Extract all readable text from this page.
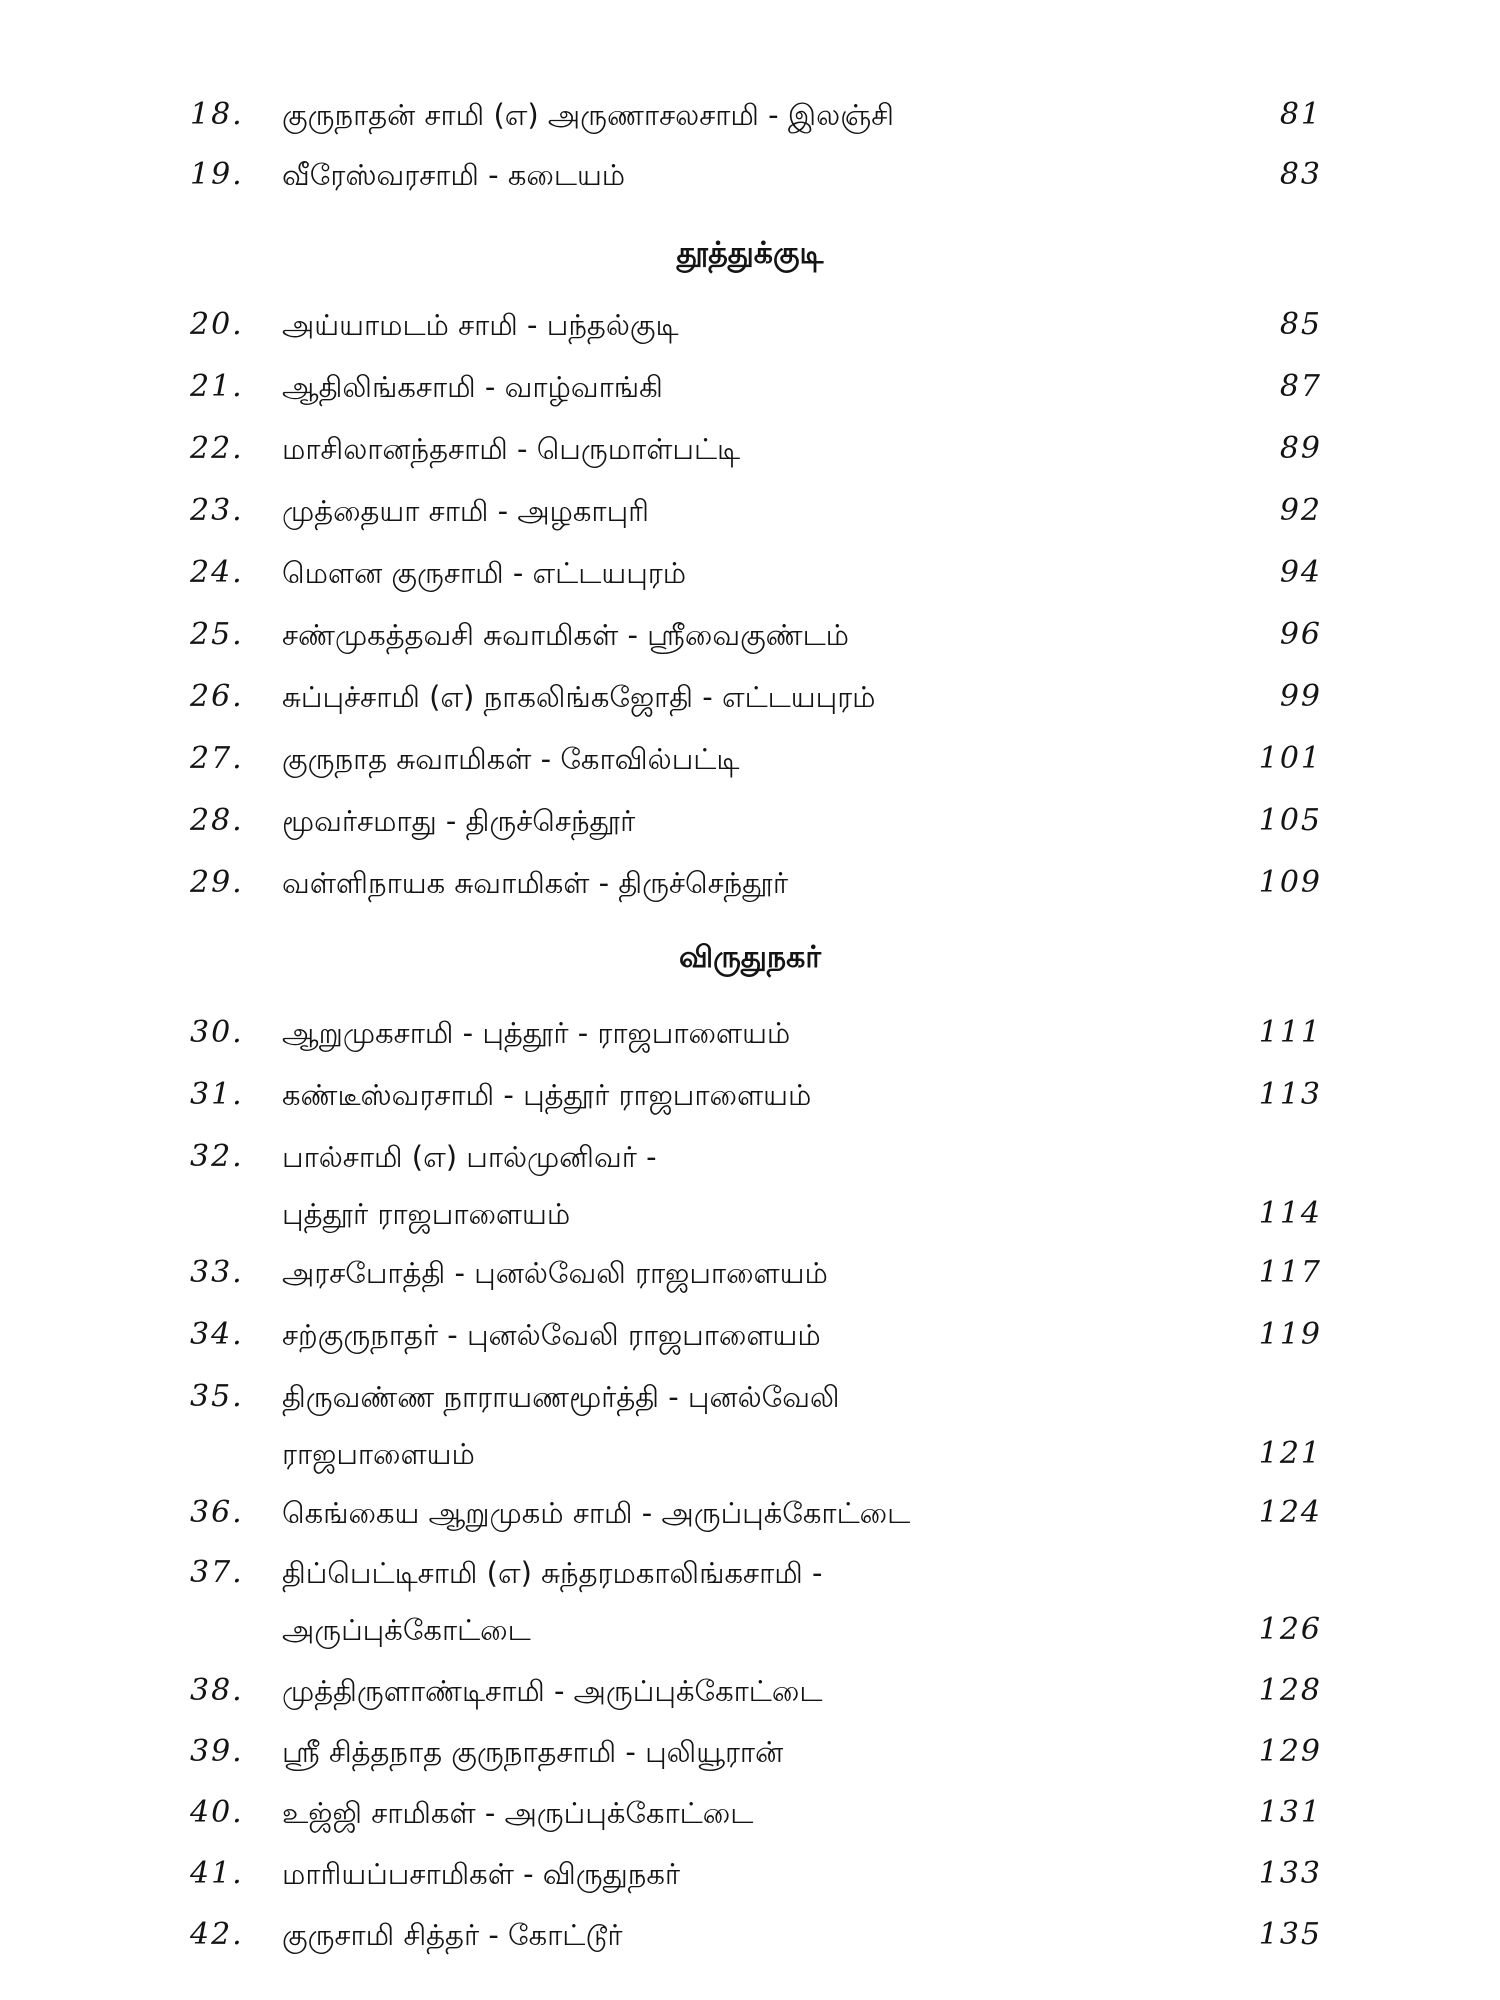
18.	குருநாதன் சாமி (எ) அருணாசலசாமி - இலஞ்சி	81
19.	வீரேஸ்வரசாமி - கடையம்	83
தூத்துக்குடி
20.	அய்யாமடம் சாமி - பந்தல்குடி	85
21.	ஆதிலிங்கசாமி - வாழ்வாங்கி	87
22.	மாசிலானந்தசாமி - பெருமாள்பட்டி	89
23.	முத்தையா சாமி - அழகாபுரி	92
24.	மௌன குருசாமி - எட்டயபுரம்	94
25.	சண்முகத்தவசி சுவாமிகள் - ஸ்ரீவைகுண்டம்	96
26.	சுப்புச்சாமி (எ) நாகலிங்கஜோதி - எட்டயபுரம்	99
27.	குருநாத சுவாமிகள் - கோவில்பட்டி	101
28.	மூவர்சமாது - திருச்செந்தூர்	105
29.	வள்ளிநாயக சுவாமிகள் - திருச்செந்தூர்	109
விருதுநகர்
30.	ஆறுமுகசாமி - புத்தூர் - ராஜபாளையம்	111
31.	கண்டீஸ்வரசாமி - புத்தூர் ராஜபாளையம்	113
32.	பால்சாமி (எ) பால்முனிவர் -
புத்தூர் ராஜபாளையம்	114
33.	அரசபோத்தி - புனல்வேலி ராஜபாளையம்	117
34.	சற்குருநாதர் - புனல்வேலி ராஜபாளையம்	119
35.	திருவண்ண நாராயணமூர்த்தி - புனல்வேலி
ராஜபாளையம்	121
36.	கெங்கைய ஆறுமுகம் சாமி - அருப்புக்கோட்டை	124
37.	திப்பெட்டிசாமி (எ) சுந்தரமகாலிங்கசாமி -
அருப்புக்கோட்டை	126
38.	முத்திருளாண்டிசாமி - அருப்புக்கோட்டை	128
39.	ஸ்ரீ சித்தநாத குருநாதசாமி - புலியூரான்	129
40.	உஜ்ஜி சாமிகள் - அருப்புக்கோட்டை	131
41.	மாரியப்பசாமிகள் - விருதுநகர்	133
42.	குருசாமி சித்தர் - கோட்டூர்	135
